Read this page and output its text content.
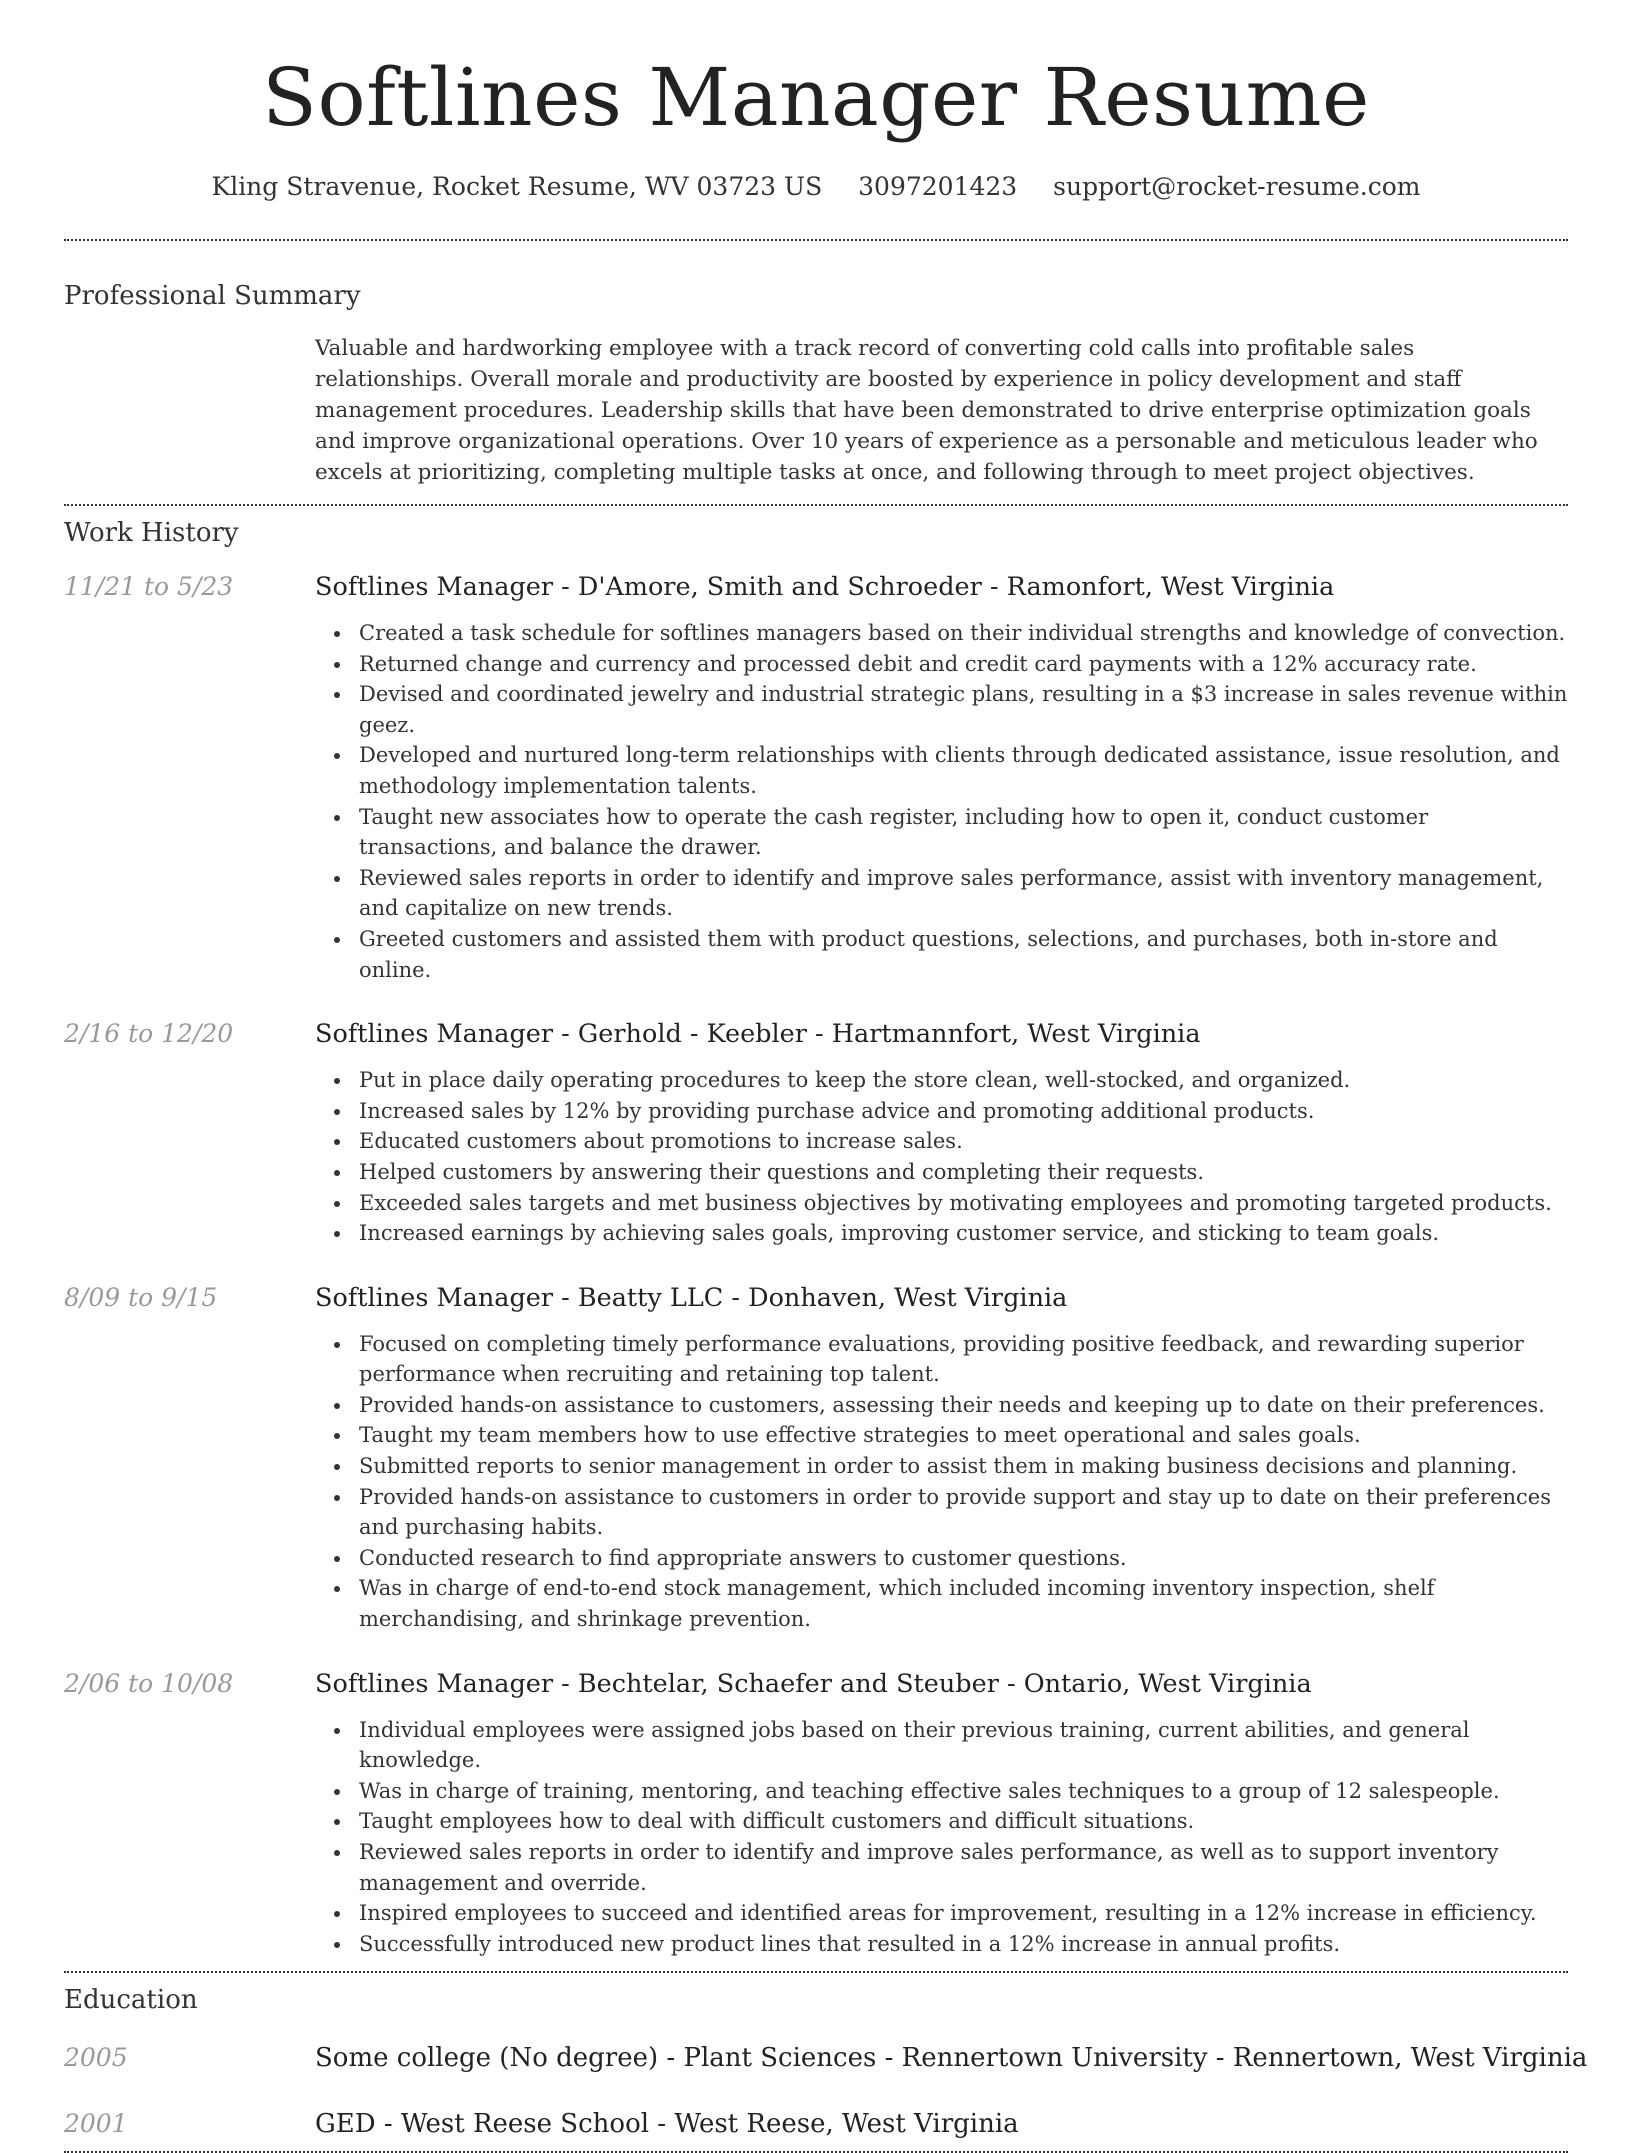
Softlines Manager Resume
Kling Stravenue, Rocket Resume, WV 03723 US 3097201423 support@rocket-resume.com
Professional Summary
Valuable and hardworking employee with a track record of converting cold calls into profitable sales relationships. Overall morale and productivity are boosted by experience in policy development and staff management procedures. Leadership skills that have been demonstrated to drive enterprise optimization goals and improve organizational operations. Over 10 years of experience as a personable and meticulous leader who excels at prioritizing, completing multiple tasks at once, and following through to meet project objectives.
Work History
11/21 to 5/23	Softlines Manager - D'Amore, Smith and Schroeder - Ramonfort, West Virginia
Created a task schedule for softlines managers based on their individual strengths and knowledge of convection.
Returned change and currency and processed debit and credit card payments with a 12% accuracy rate.
Devised and coordinated jewelry and industrial strategic plans, resulting in a $3 increase in sales revenue within geez.
Developed and nurtured long-term relationships with clients through dedicated assistance, issue resolution, and methodology implementation talents.
Taught new associates how to operate the cash register, including how to open it, conduct customer transactions, and balance the drawer.
Reviewed sales reports in order to identify and improve sales performance, assist with inventory management, and capitalize on new trends.
Greeted customers and assisted them with product questions, selections, and purchases, both in-store and online.
2/16 to 12/20	Softlines Manager - Gerhold - Keebler - Hartmannfort, West Virginia
Put in place daily operating procedures to keep the store clean, well-stocked, and organized.
Increased sales by 12% by providing purchase advice and promoting additional products.
Educated customers about promotions to increase sales.
Helped customers by answering their questions and completing their requests.
Exceeded sales targets and met business objectives by motivating employees and promoting targeted products.
Increased earnings by achieving sales goals, improving customer service, and sticking to team goals.
8/09 to 9/15	Softlines Manager - Beatty LLC - Donhaven, West Virginia
Focused on completing timely performance evaluations, providing positive feedback, and rewarding superior performance when recruiting and retaining top talent.
Provided hands-on assistance to customers, assessing their needs and keeping up to date on their preferences.
Taught my team members how to use effective strategies to meet operational and sales goals.
Submitted reports to senior management in order to assist them in making business decisions and planning.
Provided hands-on assistance to customers in order to provide support and stay up to date on their preferences and purchasing habits.
Conducted research to find appropriate answers to customer questions.
Was in charge of end-to-end stock management, which included incoming inventory inspection, shelf merchandising, and shrinkage prevention.
2/06 to 10/08	Softlines Manager - Bechtelar, Schaefer and Steuber - Ontario, West Virginia
Individual employees were assigned jobs based on their previous training, current abilities, and general knowledge.
Was in charge of training, mentoring, and teaching effective sales techniques to a group of 12 salespeople.
Taught employees how to deal with difficult customers and difficult situations.
Reviewed sales reports in order to identify and improve sales performance, as well as to support inventory management and override.
Inspired employees to succeed and identified areas for improvement, resulting in a 12% increase in efficiency.
Successfully introduced new product lines that resulted in a 12% increase in annual profits.
Education
2005	Some college (No degree) - Plant Sciences - Rennertown University - Rennertown, West Virginia
2001	GED - West Reese School - West Reese, West Virginia
